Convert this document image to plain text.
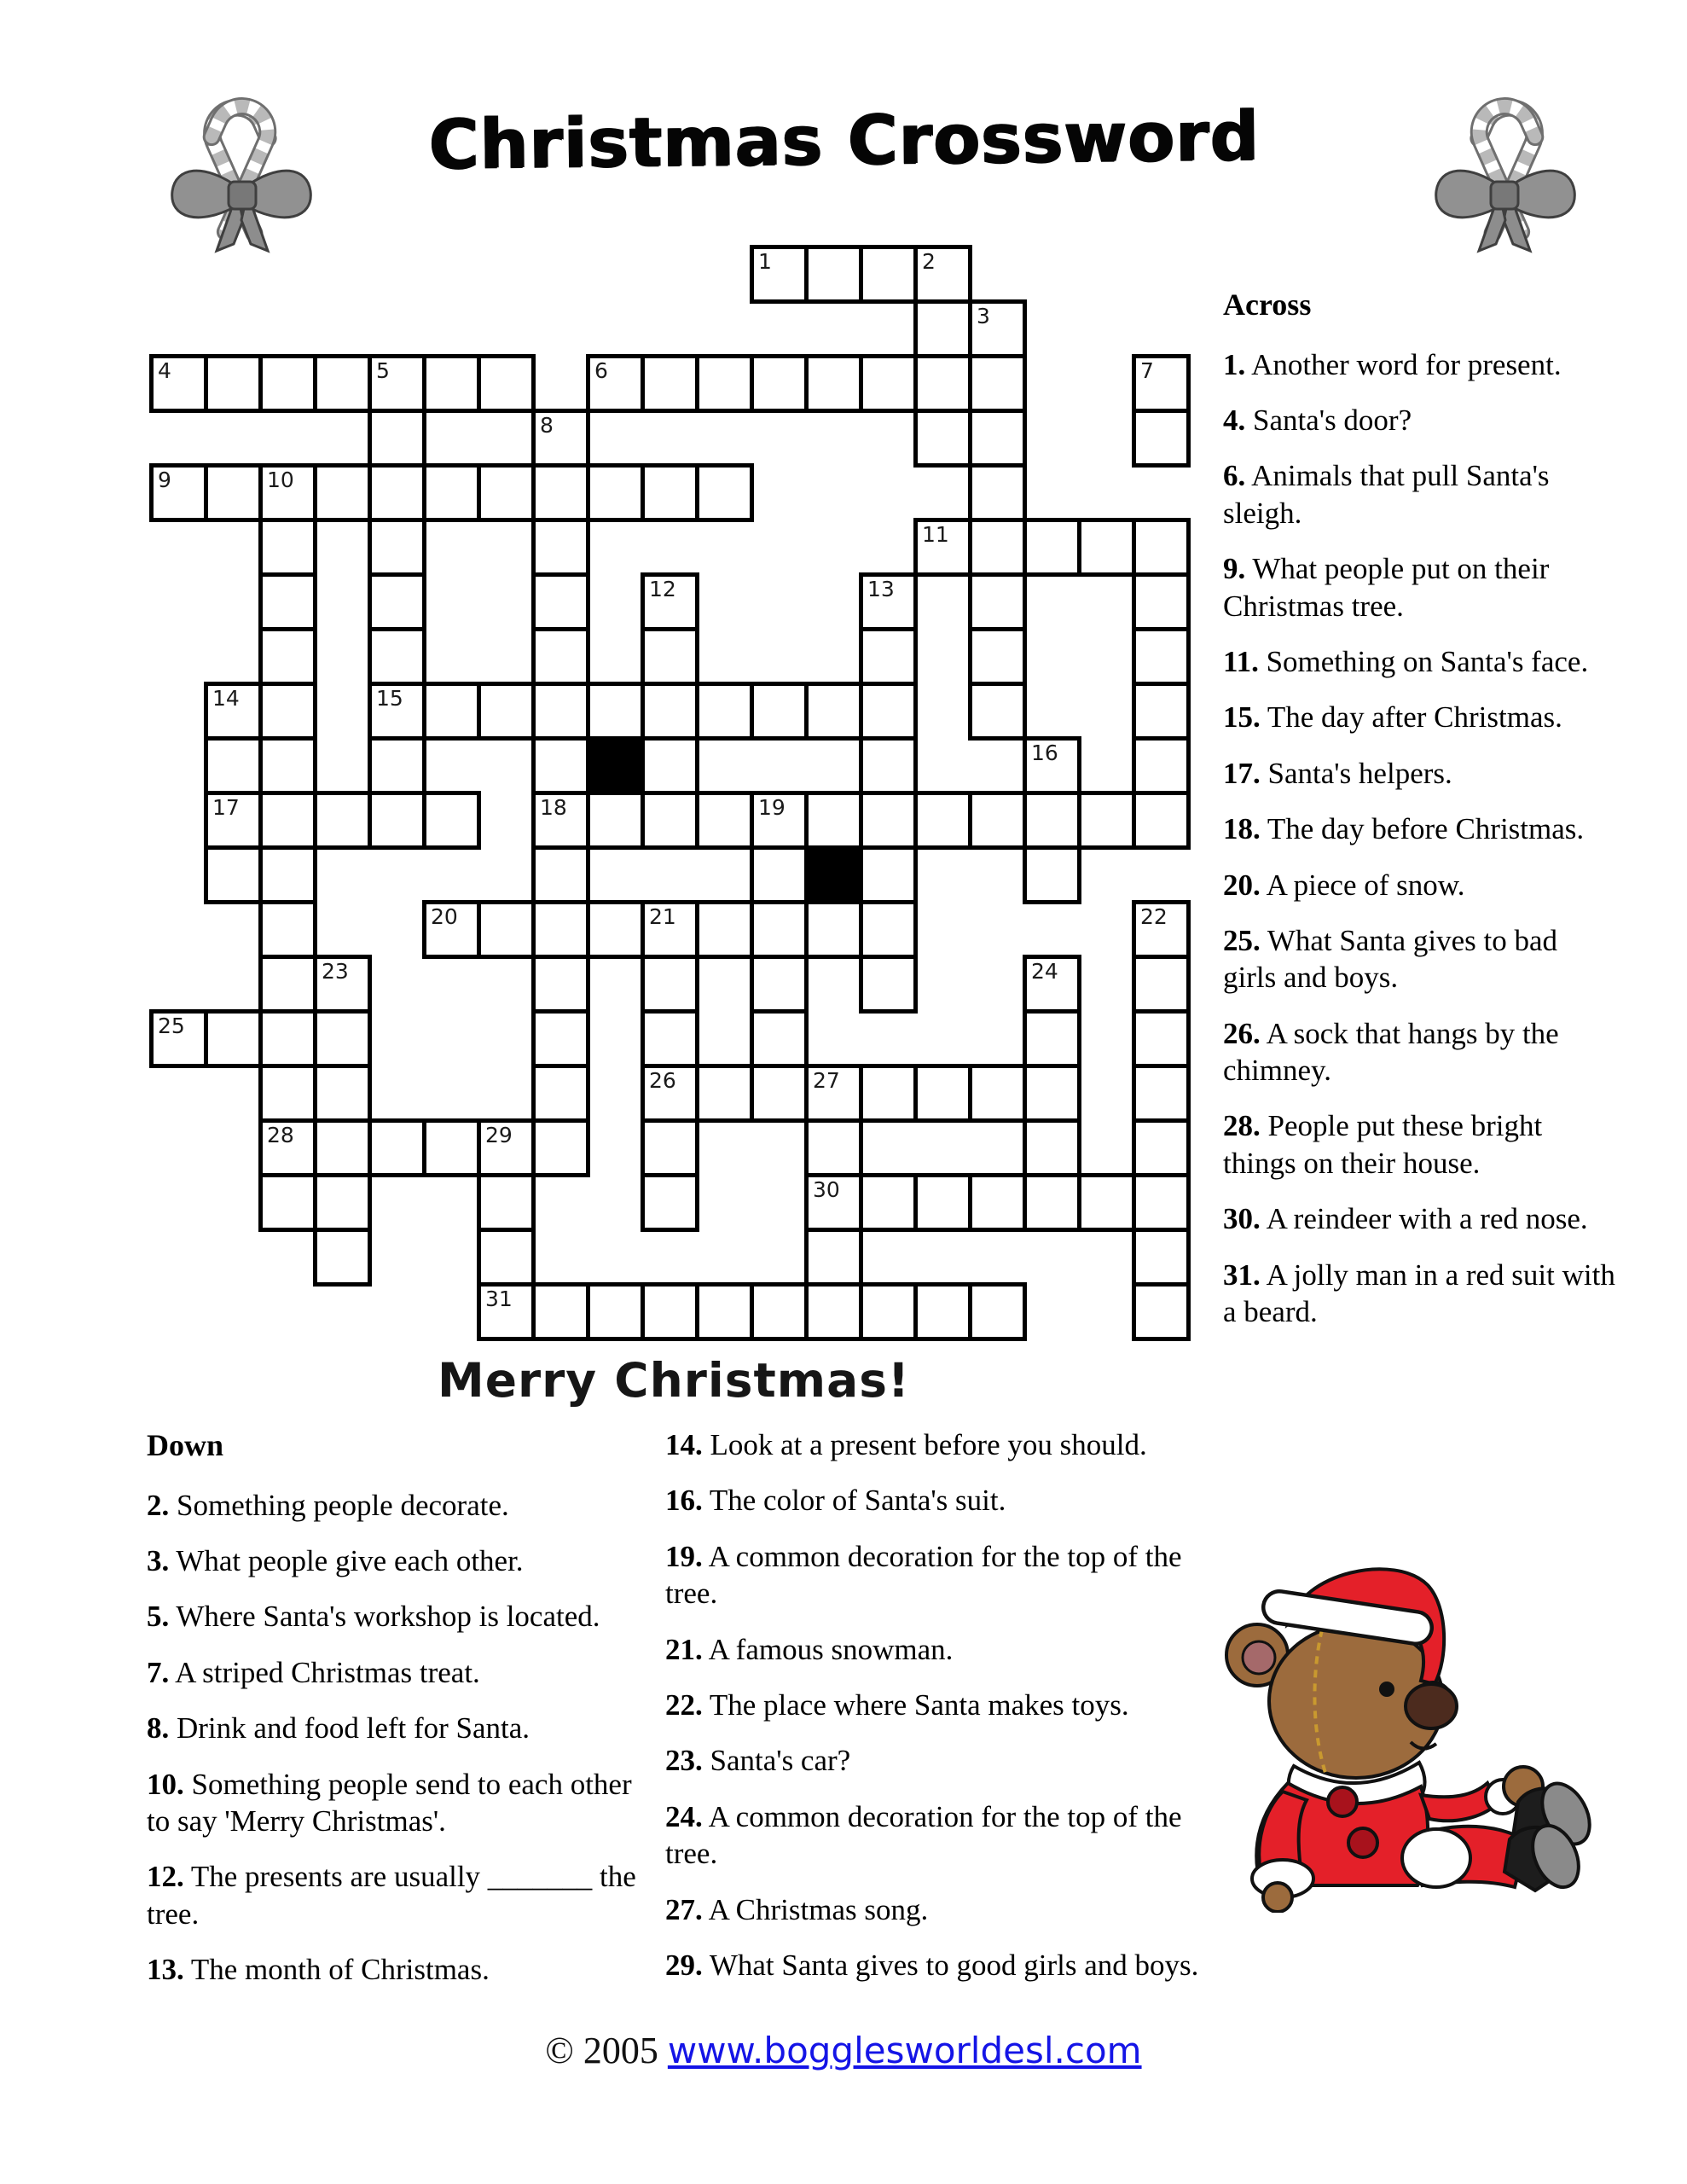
Christmas Crossword
1	2
3
4	5	6	7
8
9	10
11
12	13
14	15
16
17	18	19
20	21	22
23	24
25
26	27
28	29
30
31

Across

1. Another word for present.

4. Santa's door?

6. Animals that pull Santa's sleigh.

9. What people put on their Christmas tree.

11. Something on Santa's face.

15. The day after Christmas.

17. Santa's helpers.

18. The day before Christmas.

20. A piece of snow.

25. What Santa gives to bad girls and boys.

26. A sock that hangs by the chimney.

28. People put these bright things on their house.

30. A reindeer with a red nose.

31. A jolly man in a red suit with a beard.

Merry Christmas!

Down

2. Something people decorate.

3. What people give each other.

5. Where Santa's workshop is located.

7. A striped Christmas treat.

8. Drink and food left for Santa.

10. Something people send to each other to say 'Merry Christmas'.

12. The presents are usually _______ the tree.

13. The month of Christmas.

14. Look at a present before you should.

16. The color of Santa's suit.

19. A common decoration for the top of the tree.

21. A famous snowman.

22. The place where Santa makes toys.

23. Santa's car?

24. A common decoration for the top of the tree.

27. A Christmas song.

29. What Santa gives to good girls and boys.

© 2005 www.bogglesworldesl.com
